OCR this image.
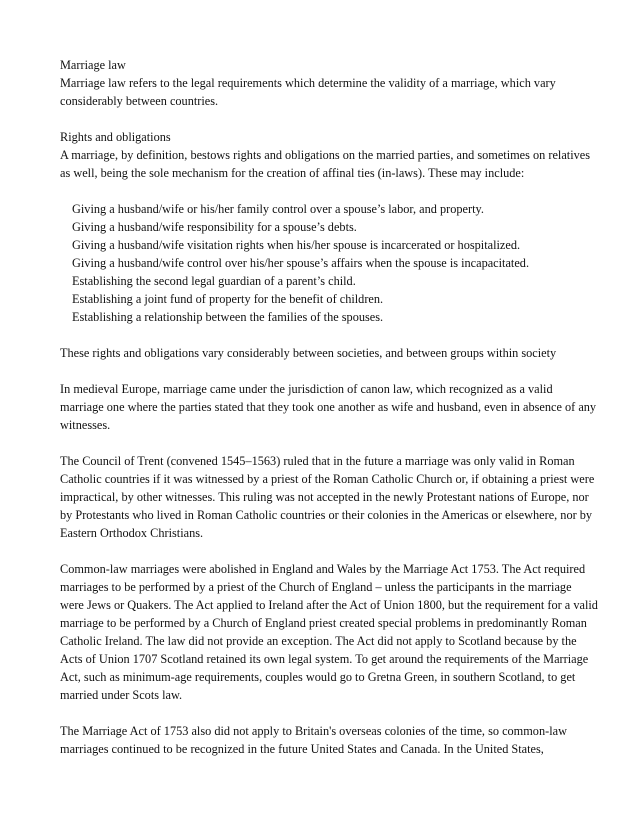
Marriage law
Marriage law refers to the legal requirements which determine the validity of a marriage, which vary considerably between countries.

Rights and obligations
A marriage, by definition, bestows rights and obligations on the married parties, and sometimes on relatives as well, being the sole mechanism for the creation of affinal ties (in-laws). These may include:

Giving a husband/wife or his/her family control over a spouse’s labor, and property.
Giving a husband/wife responsibility for a spouse’s debts.
Giving a husband/wife visitation rights when his/her spouse is incarcerated or hospitalized.
Giving a husband/wife control over his/her spouse’s affairs when the spouse is incapacitated.
Establishing the second legal guardian of a parent’s child.
Establishing a joint fund of property for the benefit of children.
Establishing a relationship between the families of the spouses.

These rights and obligations vary considerably between societies, and between groups within society

In medieval Europe, marriage came under the jurisdiction of canon law, which recognized as a valid marriage one where the parties stated that they took one another as wife and husband, even in absence of any witnesses.

The Council of Trent (convened 1545–1563) ruled that in the future a marriage was only valid in Roman Catholic countries if it was witnessed by a priest of the Roman Catholic Church or, if obtaining a priest were impractical, by other witnesses. This ruling was not accepted in the newly Protestant nations of Europe, nor by Protestants who lived in Roman Catholic countries or their colonies in the Americas or elsewhere, nor by Eastern Orthodox Christians.

Common-law marriages were abolished in England and Wales by the Marriage Act 1753. The Act required marriages to be performed by a priest of the Church of England – unless the participants in the marriage were Jews or Quakers. The Act applied to Ireland after the Act of Union 1800, but the requirement for a valid marriage to be performed by a Church of England priest created special problems in predominantly Roman Catholic Ireland. The law did not provide an exception. The Act did not apply to Scotland because by the Acts of Union 1707 Scotland retained its own legal system. To get around the requirements of the Marriage Act, such as minimum-age requirements, couples would go to Gretna Green, in southern Scotland, to get married under Scots law.

The Marriage Act of 1753 also did not apply to Britain's overseas colonies of the time, so common-law marriages continued to be recognized in the future United States and Canada. In the United States,
